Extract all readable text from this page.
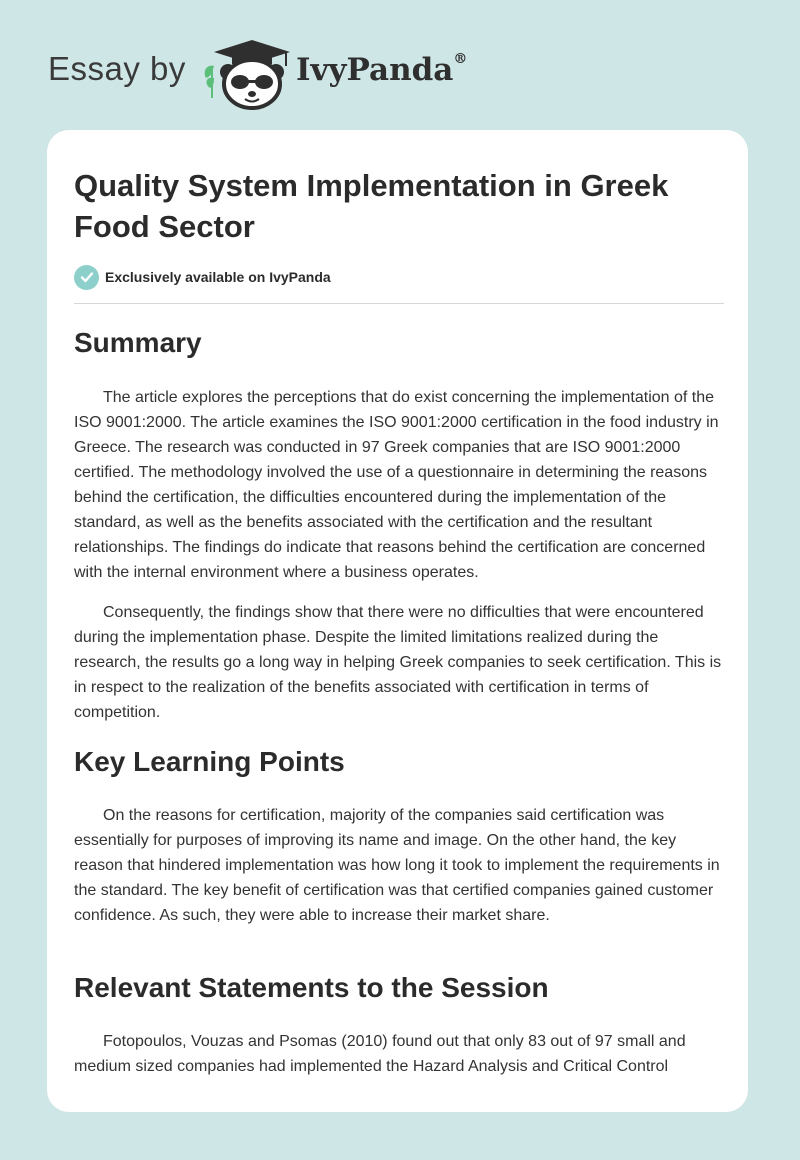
Essay by	IvyPanda®
Quality System Implementation in Greek Food Sector
Exclusively available on IvyPanda
Summary

The article explores the perceptions that do exist concerning the implementation of the ISO 9001:2000. The article examines the ISO 9001:2000 certification in the food industry in Greece. The research was conducted in 97 Greek companies that are ISO 9001:2000 certified. The methodology involved the use of a questionnaire in determining the reasons behind the certification, the difficulties encountered during the implementation of the standard, as well as the benefits associated with the certification and the resultant relationships. The findings do indicate that reasons behind the certification are concerned with the internal environment where a business operates.

Consequently, the findings show that there were no difficulties that were encountered during the implementation phase. Despite the limited limitations realized during the research, the results go a long way in helping Greek companies to seek certification. This is in respect to the realization of the benefits associated with certification in terms of competition.

Key Learning Points

On the reasons for certification, majority of the companies said certification was essentially for purposes of improving its name and image. On the other hand, the key reason that hindered implementation was how long it took to implement the requirements in the standard. The key benefit of certification was that certified companies gained customer confidence. As such, they were able to increase their market share.

Relevant Statements to the Session

Fotopoulos, Vouzas and Psomas (2010) found out that only 83 out of 97 small and medium sized companies had implemented the Hazard Analysis and Critical Control
